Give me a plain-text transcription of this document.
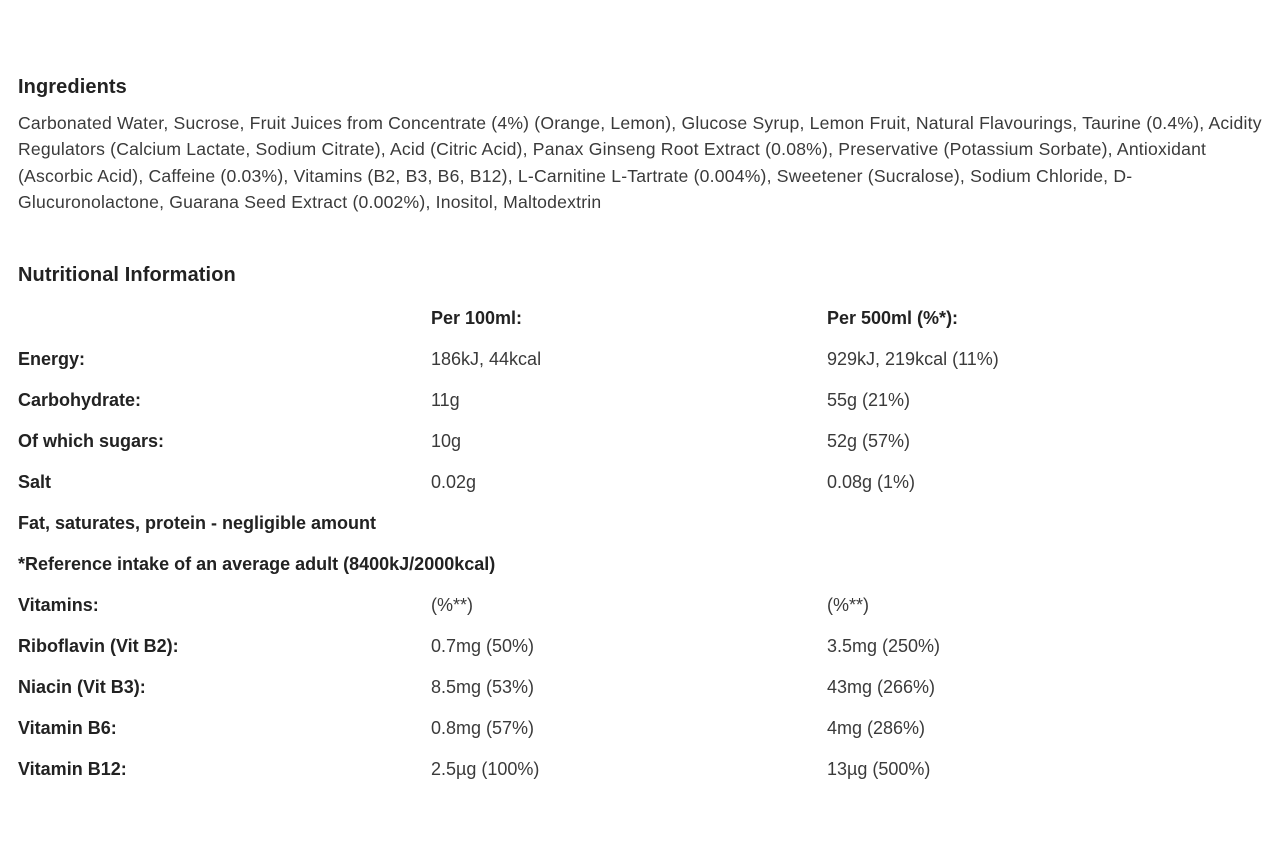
Ingredients

Carbonated Water, Sucrose, Fruit Juices from Concentrate (4%) (Orange, Lemon), Glucose Syrup, Lemon Fruit, Natural Flavourings, Taurine (0.4%), Acidity Regulators (Calcium Lactate, Sodium Citrate), Acid (Citric Acid), Panax Ginseng Root Extract (0.08%), Preservative (Potassium Sorbate), Antioxidant (Ascorbic Acid), Caffeine (0.03%), Vitamins (B2, B3, B6, B12), L-Carnitine L-Tartrate (0.004%), Sweetener (Sucralose), Sodium Chloride, D-Glucuronolactone, Guarana Seed Extract (0.002%), Inositol, Maltodextrin

Nutritional Information
	Per 100ml:	Per 500ml (%*):
Energy:	186kJ, 44kcal	929kJ, 219kcal (11%)
Carbohydrate:	11g	55g (21%)
Of which sugars:	10g	52g (57%)
Salt	0.02g	0.08g (1%)
Fat, saturates, protein - negligible amount		
*Reference intake of an average adult (8400kJ/2000kcal)		
Vitamins:	(%**)	(%**)
Riboflavin (Vit B2):	0.7mg (50%)	3.5mg (250%)
Niacin (Vit B3):	8.5mg (53%)	43mg (266%)
Vitamin B6:	0.8mg (57%)	4mg (286%)
Vitamin B12:	2.5µg (100%)	13µg (500%)
